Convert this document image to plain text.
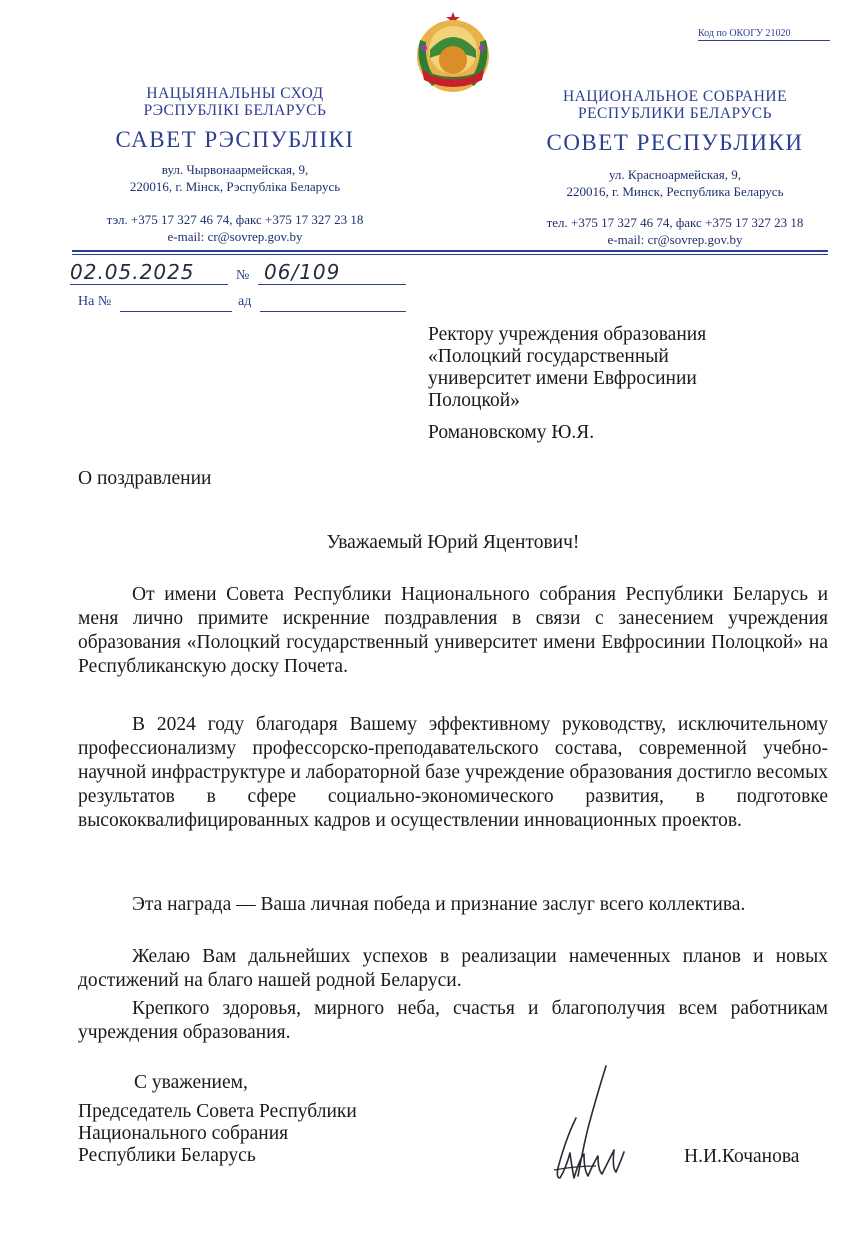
Код по ОКОГУ 21020
НАЦЫЯНАЛЬНЫ СХОД
РЭСПУБЛІКІ БЕЛАРУСЬ
САВЕТ РЭСПУБЛІКІ
вул. Чырвонаармейская, 9,
220016, г. Мінск, Рэспубліка Беларусь
тэл. +375 17 327 46 74, факс +375 17 327 23 18
e-mail: cr@sovrep.gov.by
НАЦИОНАЛЬНОЕ СОБРАНИЕ
РЕСПУБЛИКИ БЕЛАРУСЬ
СОВЕТ РЕСПУБЛИКИ
ул. Красноармейская, 9,
220016, г. Минск, Республика Беларусь
тел. +375 17 327 46 74, факс +375 17 327 23 18
e-mail: cr@sovrep.gov.by
02.05.2025	№ 06/109
На №	ад
Ректору учреждения образования
«Полоцкий государственный
университет имени Евфросинии
Полоцкой»
Романовскому Ю.Я.
О поздравлении
Уважаемый Юрий Яцентович!
От имени Совета Республики Национального собрания Республики Беларусь и меня лично примите искренние поздравления в связи с занесением учреждения образования «Полоцкий государственный университет имени Евфросинии Полоцкой» на Республиканскую доску Почета.
В 2024 году благодаря Вашему эффективному руководству, исключительному профессионализму профессорско-преподавательского состава, современной учебно-научной инфраструктуре и лабораторной базе учреждение образования достигло весомых результатов в сфере социально-экономического развития, в подготовке высококвалифицированных кадров и осуществлении инновационных проектов.
Эта награда — Ваша личная победа и признание заслуг всего коллектива.
Желаю Вам дальнейших успехов в реализации намеченных планов и новых достижений на благо нашей родной Беларуси.
Крепкого здоровья, мирного неба, счастья и благополучия всем работникам учреждения образования.
С уважением,
Председатель Совета Республики
Национального собрания
Республики Беларусь	Н.И.Кочанова
